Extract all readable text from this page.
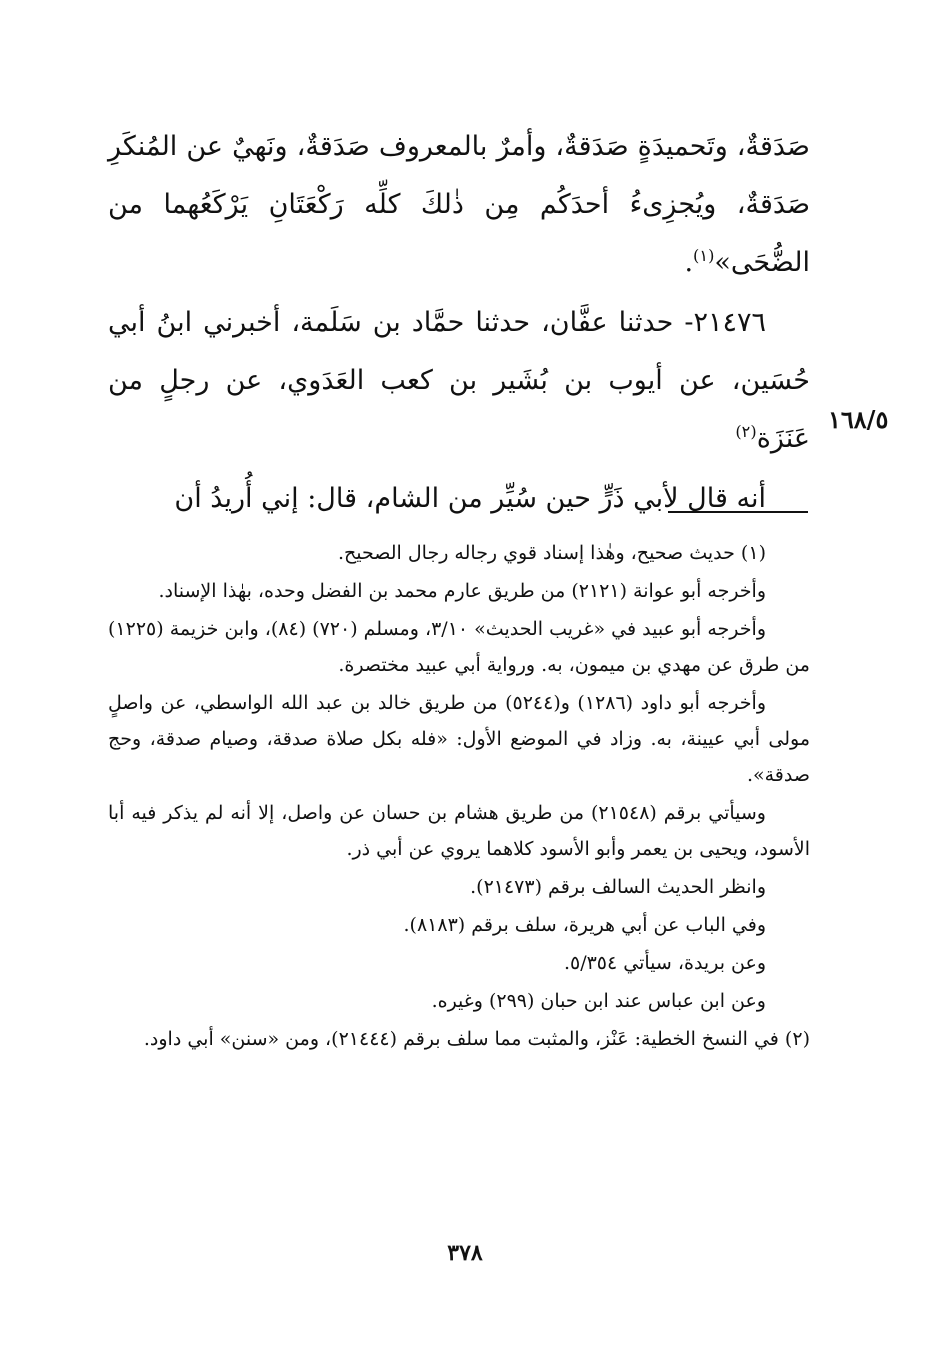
صَدَقةٌ، وتَحميدَةٍ صَدَقةٌ، وأمرٌ بالمعروف صَدَقةٌ، ونَهيٌ عن المُنكَرِ صَدَقةٌ، ويُجزِىءُ أحدَكُم مِن ذٰلكَ كلِّه رَكْعَتَانِ يَرْكَعُهما من الضُّحَى»$^{(١)}$.

٢١٤٧٦- حدثنا عفَّان، حدثنا حمَّاد بن سَلَمة، أخبرني ابنُ أبي حُسَين، عن أيوب بن بُشَير بن كعب العَدَوي، عن رجلٍ من عَنَزَة$^{(٢)}$

أنه قال لأبي ذَرٍّ حين سُيِّر من الشام، قال: إني أُريدُ أن

١٦٨/٥

(١) حديث صحيح، وهٰذا إسناد قوي رجاله رجال الصحيح.

وأخرجه أبو عوانة (٢١٢١) من طريق عارم محمد بن الفضل وحده، بهٰذا الإسناد.

وأخرجه أبو عبيد في «غريب الحديث» ٣/١٠، ومسلم (٧٢٠) (٨٤)، وابن خزيمة (١٢٢٥) من طرق عن مهدي بن ميمون، به. ورواية أبي عبيد مختصرة.

وأخرجه أبو داود (١٢٨٦) و(٥٢٤٤) من طريق خالد بن عبد الله الواسطي، عن واصلٍ مولى أبي عيينة، به. وزاد في الموضع الأول: «فله بكل صلاة صدقة، وصيام صدقة، وحج صدقة».

وسيأتي برقم (٢١٥٤٨) من طريق هشام بن حسان عن واصل، إلا أنه لم يذكر فيه أبا الأسود، ويحيى بن يعمر وأبو الأسود كلاهما يروي عن أبي ذر.

وانظر الحديث السالف برقم (٢١٤٧٣).

وفي الباب عن أبي هريرة، سلف برقم (٨١٨٣).

وعن بريدة، سيأتي ٥/٣٥٤.

وعن ابن عباس عند ابن حبان (٢٩٩) وغيره.

(٢) في النسخ الخطية: عَنْز، والمثبت مما سلف برقم (٢١٤٤٤)، ومن «سنن» أبي داود.

٣٧٨
